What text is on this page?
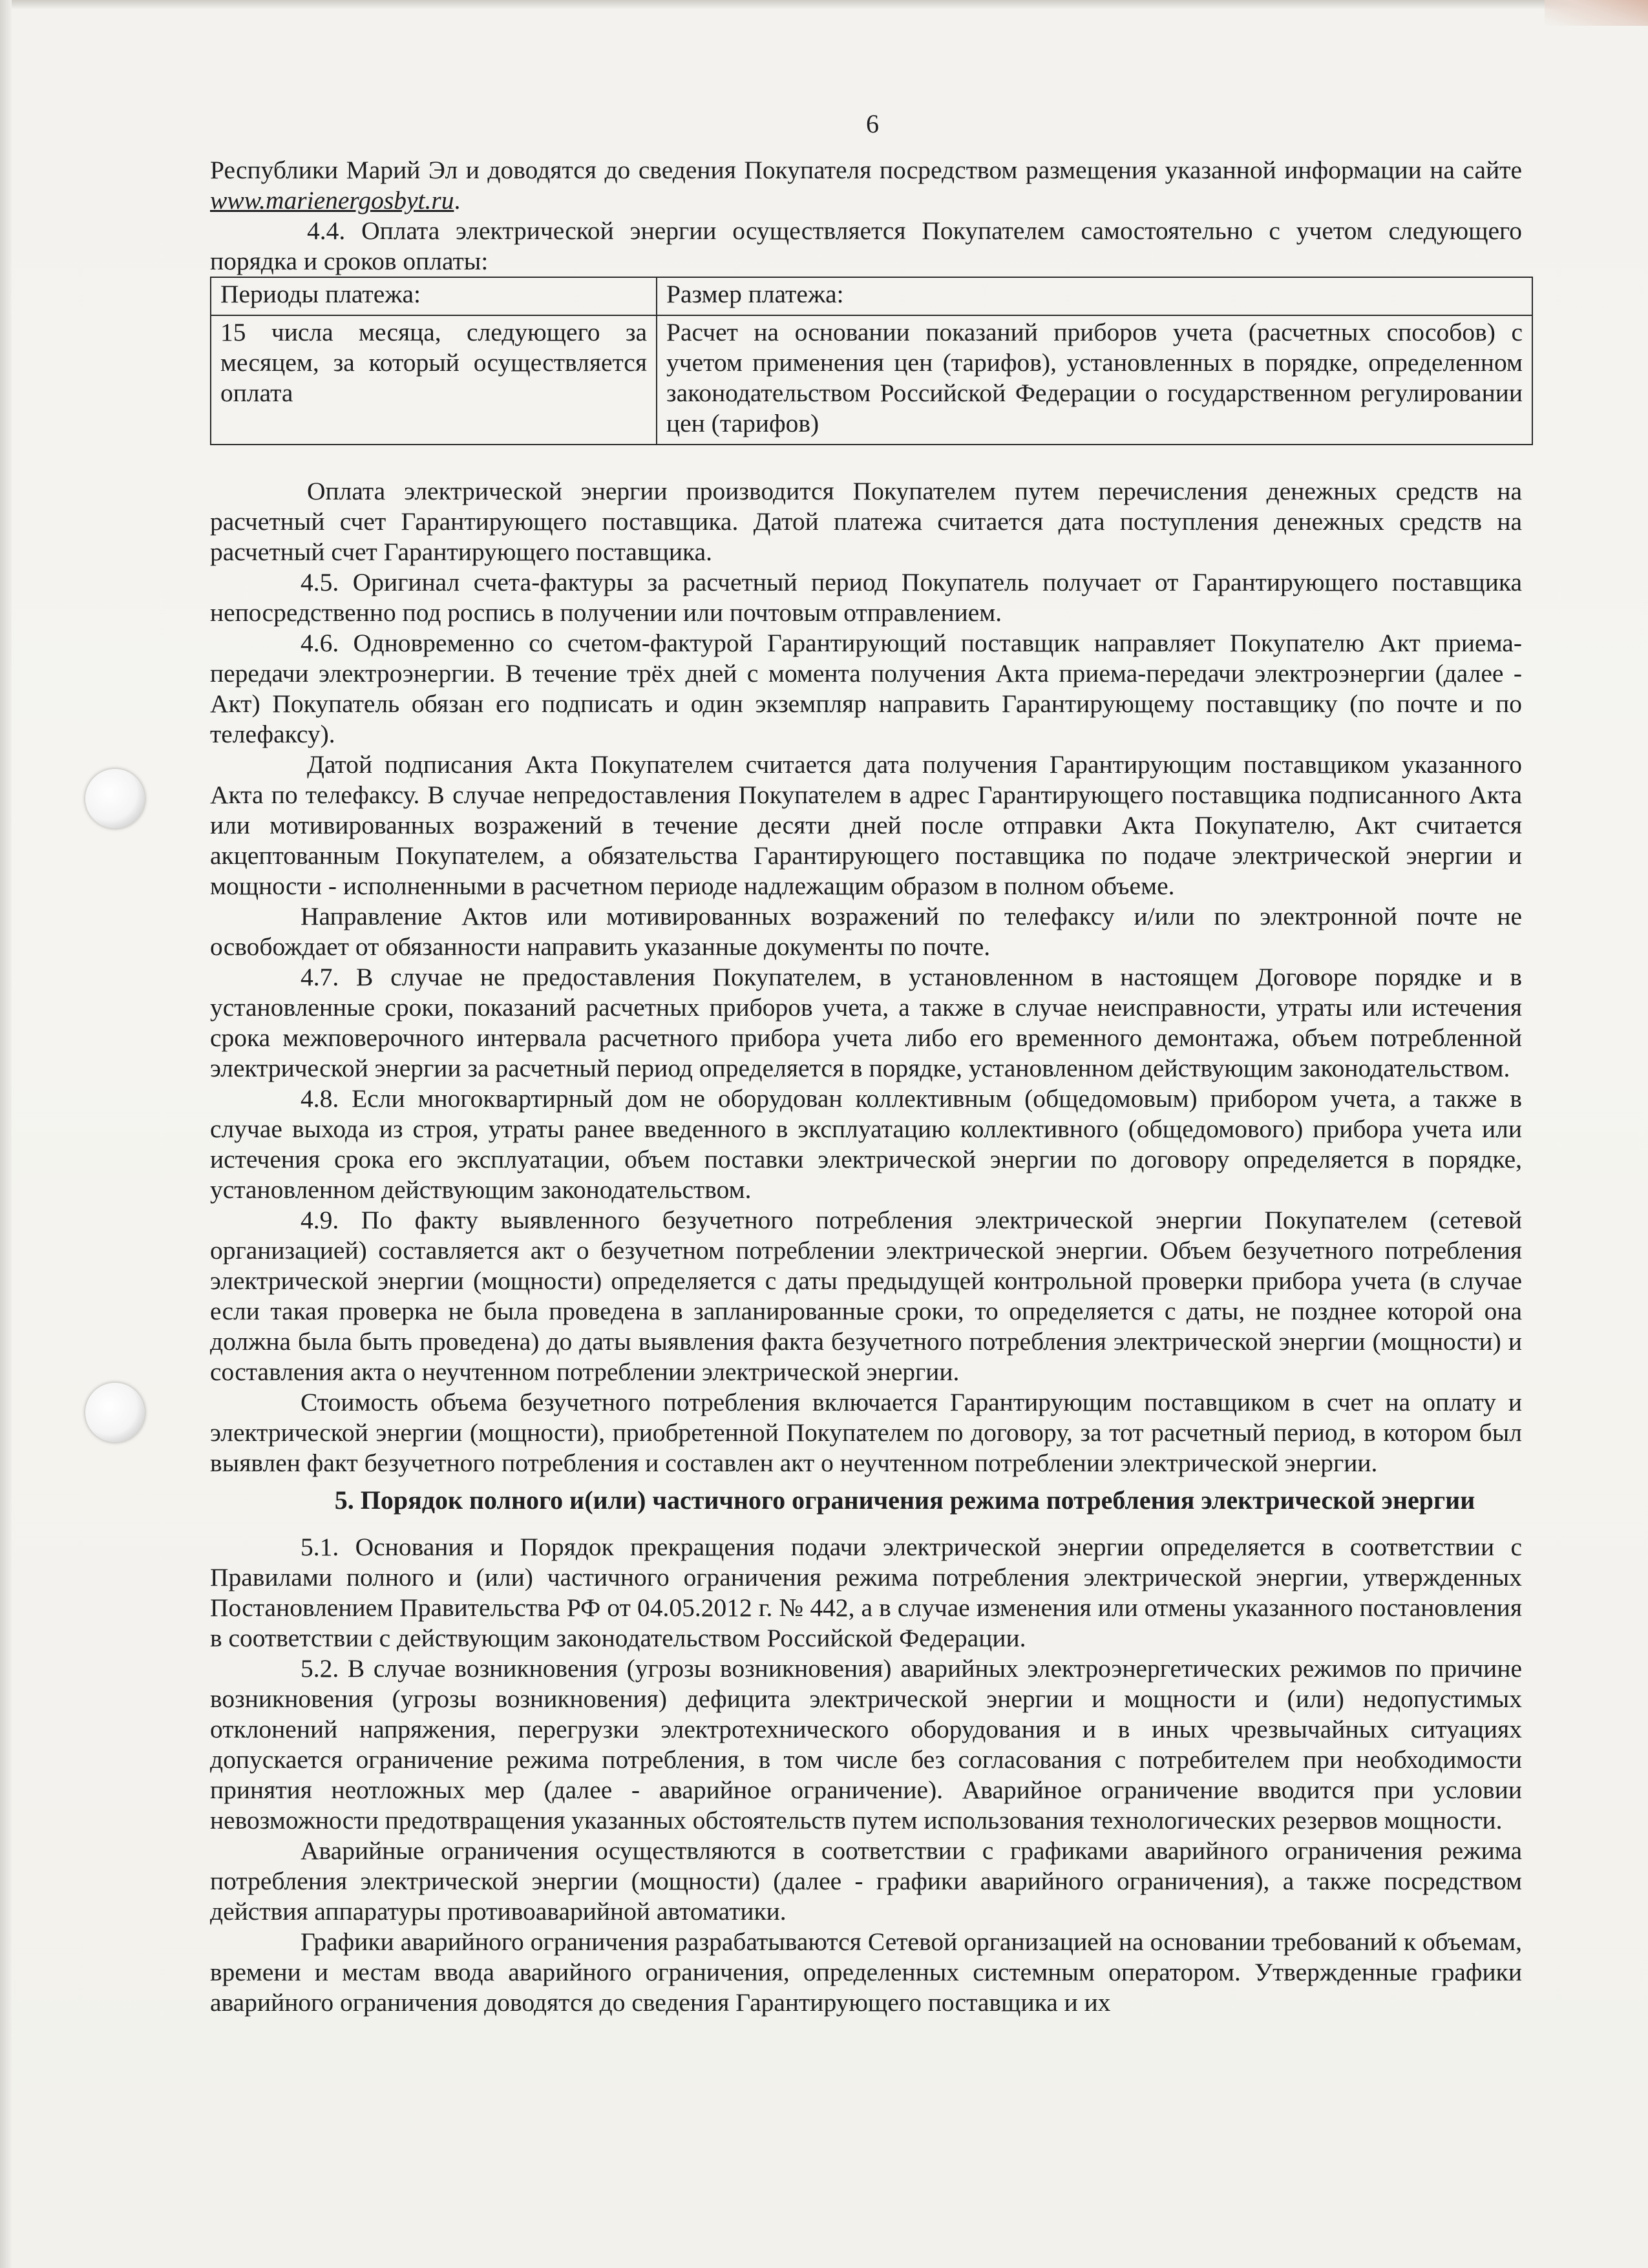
6

Республики Марий Эл и доводятся до сведения Покупателя посредством размещения указанной информации на сайте www.marienergosbyt.ru.

4.4. Оплата электрической энергии осуществляется Покупателем самостоятельно с учетом следующего порядка и сроков оплаты:

Периоды платежа:	Размер платежа:
15 числа месяца, следующего за месяцем, за который осуществляется оплата	Расчет на основании показаний приборов учета (расчетных способов) с учетом применения цен (тарифов), установленных в порядке, определенном законодательством Российской Федерации о государственном регулировании цен (тарифов)

Оплата электрической энергии производится Покупателем путем перечисления денежных средств на расчетный счет Гарантирующего поставщика. Датой платежа считается дата поступления денежных средств на расчетный счет Гарантирующего поставщика.

4.5. Оригинал счета-фактуры за расчетный период Покупатель получает от Гарантирующего поставщика непосредственно под роспись в получении или почтовым отправлением.

4.6. Одновременно со счетом-фактурой Гарантирующий поставщик направляет Покупателю Акт приема-передачи электроэнергии. В течение трёх дней с момента получения Акта приема-передачи электроэнергии (далее - Акт) Покупатель обязан его подписать и один экземпляр направить Гарантирующему поставщику (по почте и по телефаксу).

Датой подписания Акта Покупателем считается дата получения Гарантирующим поставщиком указанного Акта по телефаксу. В случае непредоставления Покупателем в адрес Гарантирующего поставщика подписанного Акта или мотивированных возражений в течение десяти дней после отправки Акта Покупателю, Акт считается акцептованным Покупателем, а обязательства Гарантирующего поставщика по подаче электрической энергии и мощности - исполненными в расчетном периоде надлежащим образом в полном объеме.

Направление Актов или мотивированных возражений по телефаксу и/или по электронной почте не освобождает от обязанности направить указанные документы по почте.

4.7. В случае не предоставления Покупателем, в установленном в настоящем Договоре порядке и в установленные сроки, показаний расчетных приборов учета, а также в случае неисправности, утраты или истечения срока межповерочного интервала расчетного прибора учета либо его временного демонтажа, объем потребленной электрической энергии за расчетный период определяется в порядке, установленном действующим законодательством.

4.8. Если многоквартирный дом не оборудован коллективным (общедомовым) прибором учета, а также в случае выхода из строя, утраты ранее введенного в эксплуатацию коллективного (общедомового) прибора учета или истечения срока его эксплуатации, объем поставки электрической энергии по договору определяется в порядке, установленном действующим законодательством.

4.9. По факту выявленного безучетного потребления электрической энергии Покупателем (сетевой организацией) составляется акт о безучетном потреблении электрической энергии. Объем безучетного потребления электрической энергии (мощности) определяется с даты предыдущей контрольной проверки прибора учета (в случае если такая проверка не была проведена в запланированные сроки, то определяется с даты, не позднее которой она должна была быть проведена) до даты выявления факта безучетного потребления электрической энергии (мощности) и составления акта о неучтенном потреблении электрической энергии.

Стоимость объема безучетного потребления включается Гарантирующим поставщиком в счет на оплату и электрической энергии (мощности), приобретенной Покупателем по договору, за тот расчетный период, в котором был выявлен факт безучетного потребления и составлен акт о неучтенном потреблении электрической энергии.

5. Порядок полного и(или) частичного ограничения режима потребления электрической энергии

5.1. Основания и Порядок прекращения подачи электрической энергии определяется в соответствии с Правилами полного и (или) частичного ограничения режима потребления электрической энергии, утвержденных Постановлением Правительства РФ от 04.05.2012 г. № 442, а в случае изменения или отмены указанного постановления в соответствии с действующим законодательством Российской Федерации.

5.2. В случае возникновения (угрозы возникновения) аварийных электроэнергетических режимов по причине возникновения (угрозы возникновения) дефицита электрической энергии и мощности и (или) недопустимых отклонений напряжения, перегрузки электротехнического оборудования и в иных чрезвычайных ситуациях допускается ограничение режима потребления, в том числе без согласования с потребителем при необходимости принятия неотложных мер (далее - аварийное ограничение). Аварийное ограничение вводится при условии невозможности предотвращения указанных обстоятельств путем использования технологических резервов мощности.

Аварийные ограничения осуществляются в соответствии с графиками аварийного ограничения режима потребления электрической энергии (мощности) (далее - графики аварийного ограничения), а также посредством действия аппаратуры противоаварийной автоматики.

Графики аварийного ограничения разрабатываются Сетевой организацией на основании требований к объемам, времени и местам ввода аварийного ограничения, определенных системным оператором. Утвержденные графики аварийного ограничения доводятся до сведения Гарантирующего поставщика и их
